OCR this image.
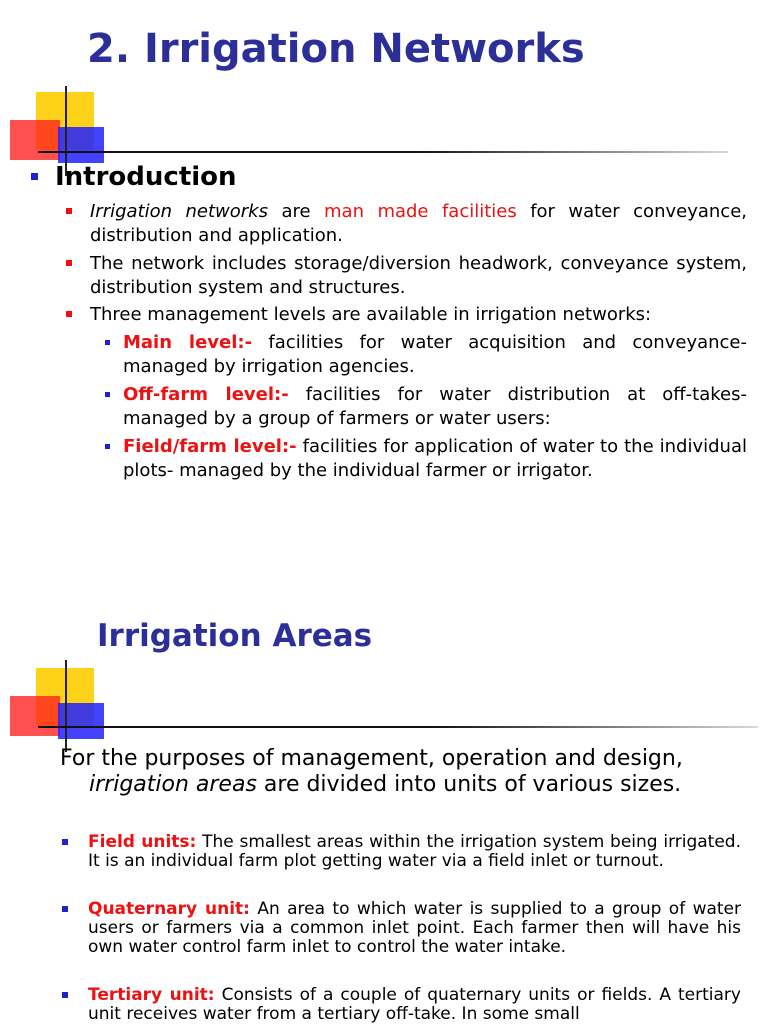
2. Irrigation Networks

Introduction

Irrigation networks are man made facilities for water conveyance, distribution and application.

The network includes storage/diversion headwork, conveyance system, distribution system and structures.

Three management levels are available in irrigation networks:

Main level:- facilities for water acquisition and conveyance- managed by irrigation agencies.

Off-farm level:- facilities for water distribution at off-takes- managed by a group of farmers or water users:

Field/farm level:- facilities for application of water to the individual plots- managed by the individual farmer or irrigator.

Irrigation Areas

For the purposes of management, operation and design,
irrigation areas are divided into units of various sizes.

Field units: The smallest areas within the irrigation system being irrigated. It is an individual farm plot getting water via a field inlet or turnout.

Quaternary unit: An area to which water is supplied to a group of water users or farmers via a common inlet point. Each farmer then will have his own water control farm inlet to control the water intake.

Tertiary unit: Consists of a couple of quaternary units or fields. A tertiary unit receives water from a tertiary off-take. In some small
